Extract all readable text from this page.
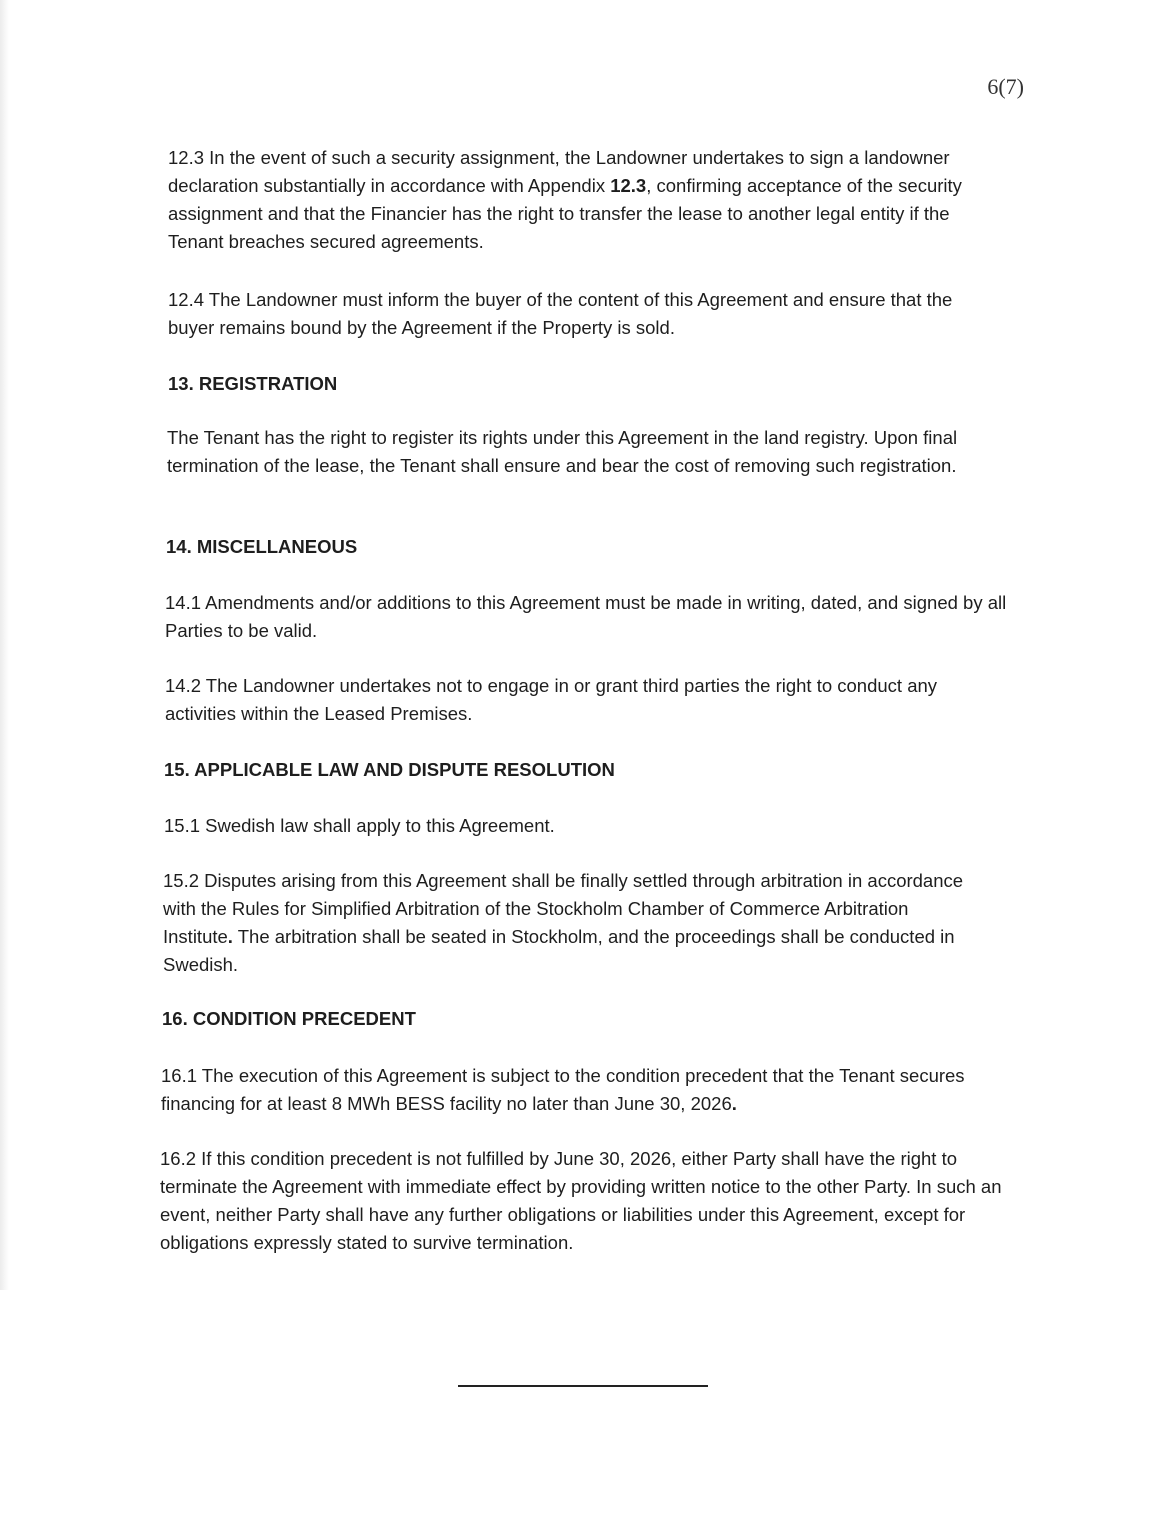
6(7)

12.3 In the event of such a security assignment, the Landowner undertakes to sign a landowner declaration substantially in accordance with Appendix 12.3, confirming acceptance of the security assignment and that the Financier has the right to transfer the lease to another legal entity if the Tenant breaches secured agreements.

12.4 The Landowner must inform the buyer of the content of this Agreement and ensure that the buyer remains bound by the Agreement if the Property is sold.

13. REGISTRATION

The Tenant has the right to register its rights under this Agreement in the land registry. Upon final termination of the lease, the Tenant shall ensure and bear the cost of removing such registration.

14. MISCELLANEOUS

14.1 Amendments and/or additions to this Agreement must be made in writing, dated, and signed by all Parties to be valid.

14.2 The Landowner undertakes not to engage in or grant third parties the right to conduct any activities within the Leased Premises.

15. APPLICABLE LAW AND DISPUTE RESOLUTION

15.1 Swedish law shall apply to this Agreement.

15.2 Disputes arising from this Agreement shall be finally settled through arbitration in accordance with the Rules for Simplified Arbitration of the Stockholm Chamber of Commerce Arbitration Institute. The arbitration shall be seated in Stockholm, and the proceedings shall be conducted in Swedish.

16. CONDITION PRECEDENT

16.1 The execution of this Agreement is subject to the condition precedent that the Tenant secures financing for at least 8 MWh BESS facility no later than June 30, 2026.

16.2 If this condition precedent is not fulfilled by June 30, 2026, either Party shall have the right to terminate the Agreement with immediate effect by providing written notice to the other Party. In such an event, neither Party shall have any further obligations or liabilities under this Agreement, except for obligations expressly stated to survive termination.
